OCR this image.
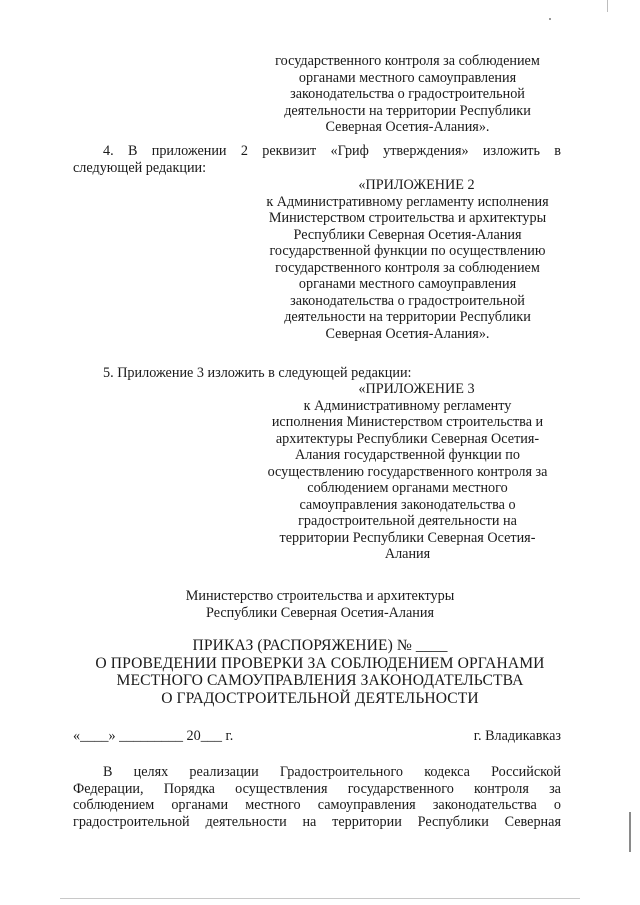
государственного контроля за соблюдением
органами местного самоуправления
законодательства о градостроительной
деятельности на территории Республики
Северная Осетия-Алания».
4. В приложении 2 реквизит «Гриф утверждения» изложить в
следующей редакции:
«ПРИЛОЖЕНИЕ 2
к Административному регламенту исполнения
Министерством строительства и архитектуры
Республики Северная Осетия-Алания
государственной функции по осуществлению
государственного контроля за соблюдением
органами местного самоуправления
законодательства о градостроительной
деятельности на территории Республики
Северная Осетия-Алания».
5. Приложение 3 изложить в следующей редакции:
«ПРИЛОЖЕНИЕ 3
к Административному регламенту
исполнения Министерством строительства и
архитектуры Республики Северная Осетия-
Алания государственной функции по
осуществлению государственного контроля за
соблюдением органами местного
самоуправления законодательства о
градостроительной деятельности на
территории Республики Северная Осетия-
Алания
Министерство строительства и архитектуры
Республики Северная Осетия-Алания
ПРИКАЗ (РАСПОРЯЖЕНИЕ) № ____
О ПРОВЕДЕНИИ ПРОВЕРКИ ЗА СОБЛЮДЕНИЕМ ОРГАНАМИ
МЕСТНОГО САМОУПРАВЛЕНИЯ ЗАКОНОДАТЕЛЬСТВА
О ГРАДОСТРОИТЕЛЬНОЙ ДЕЯТЕЛЬНОСТИ
«____» _________ 20___ г.	г. Владикавказ
В целях реализации Градостроительного кодекса Российской
Федерации, Порядка осуществления государственного контроля за
соблюдением органами местного самоуправления законодательства о
градостроительной деятельности на территории Республики Северная
